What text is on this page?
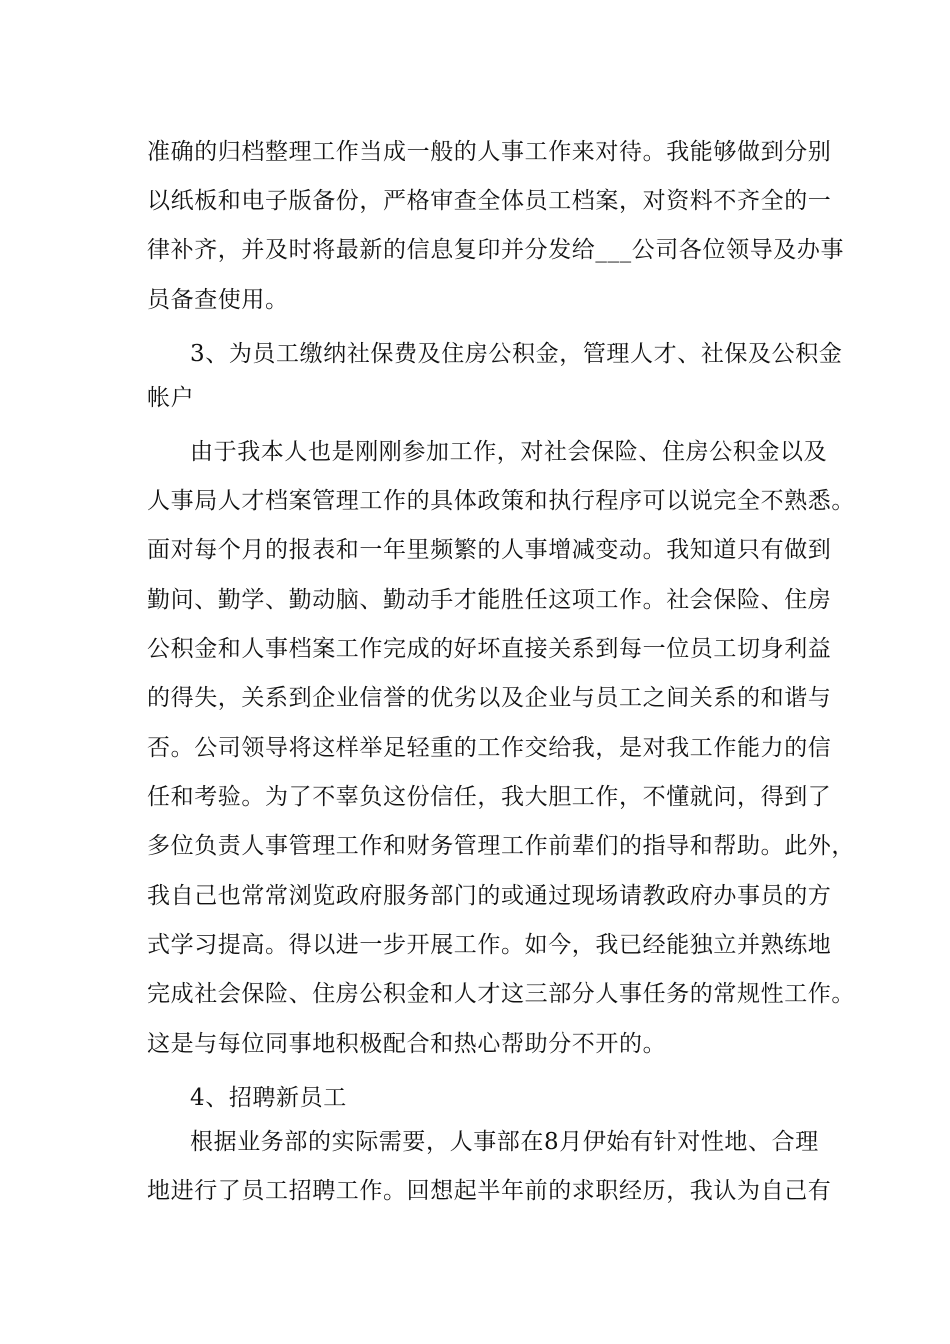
准确的归档整理工作当成一般的人事工作来对待。我能够做到分别
以纸板和电子版备份，严格审查全体员工档案，对资料不齐全的一
律补齐，并及时将最新的信息复印并分发给___公司各位领导及办事
员备查使用。
3、为员工缴纳社保费及住房公积金，管理人才、社保及公积金
帐户
由于我本人也是刚刚参加工作，对社会保险、住房公积金以及
人事局人才档案管理工作的具体政策和执行程序可以说完全不熟悉。
面对每个月的报表和一年里频繁的人事增减变动。我知道只有做到
勤问、勤学、勤动脑、勤动手才能胜任这项工作。社会保险、住房
公积金和人事档案工作完成的好坏直接关系到每一位员工切身利益
的得失，关系到企业信誉的优劣以及企业与员工之间关系的和谐与
否。公司领导将这样举足轻重的工作交给我，是对我工作能力的信
任和考验。为了不辜负这份信任，我大胆工作，不懂就问，得到了
多位负责人事管理工作和财务管理工作前辈们的指导和帮助。此外，
我自己也常常浏览政府服务部门的或通过现场请教政府办事员的方
式学习提高。得以进一步开展工作。如今，我已经能独立并熟练地
完成社会保险、住房公积金和人才这三部分人事任务的常规性工作。
这是与每位同事地积极配合和热心帮助分不开的。
4、招聘新员工
根据业务部的实际需要，人事部在8月伊始有针对性地、合理
地进行了员工招聘工作。回想起半年前的求职经历，我认为自己有
